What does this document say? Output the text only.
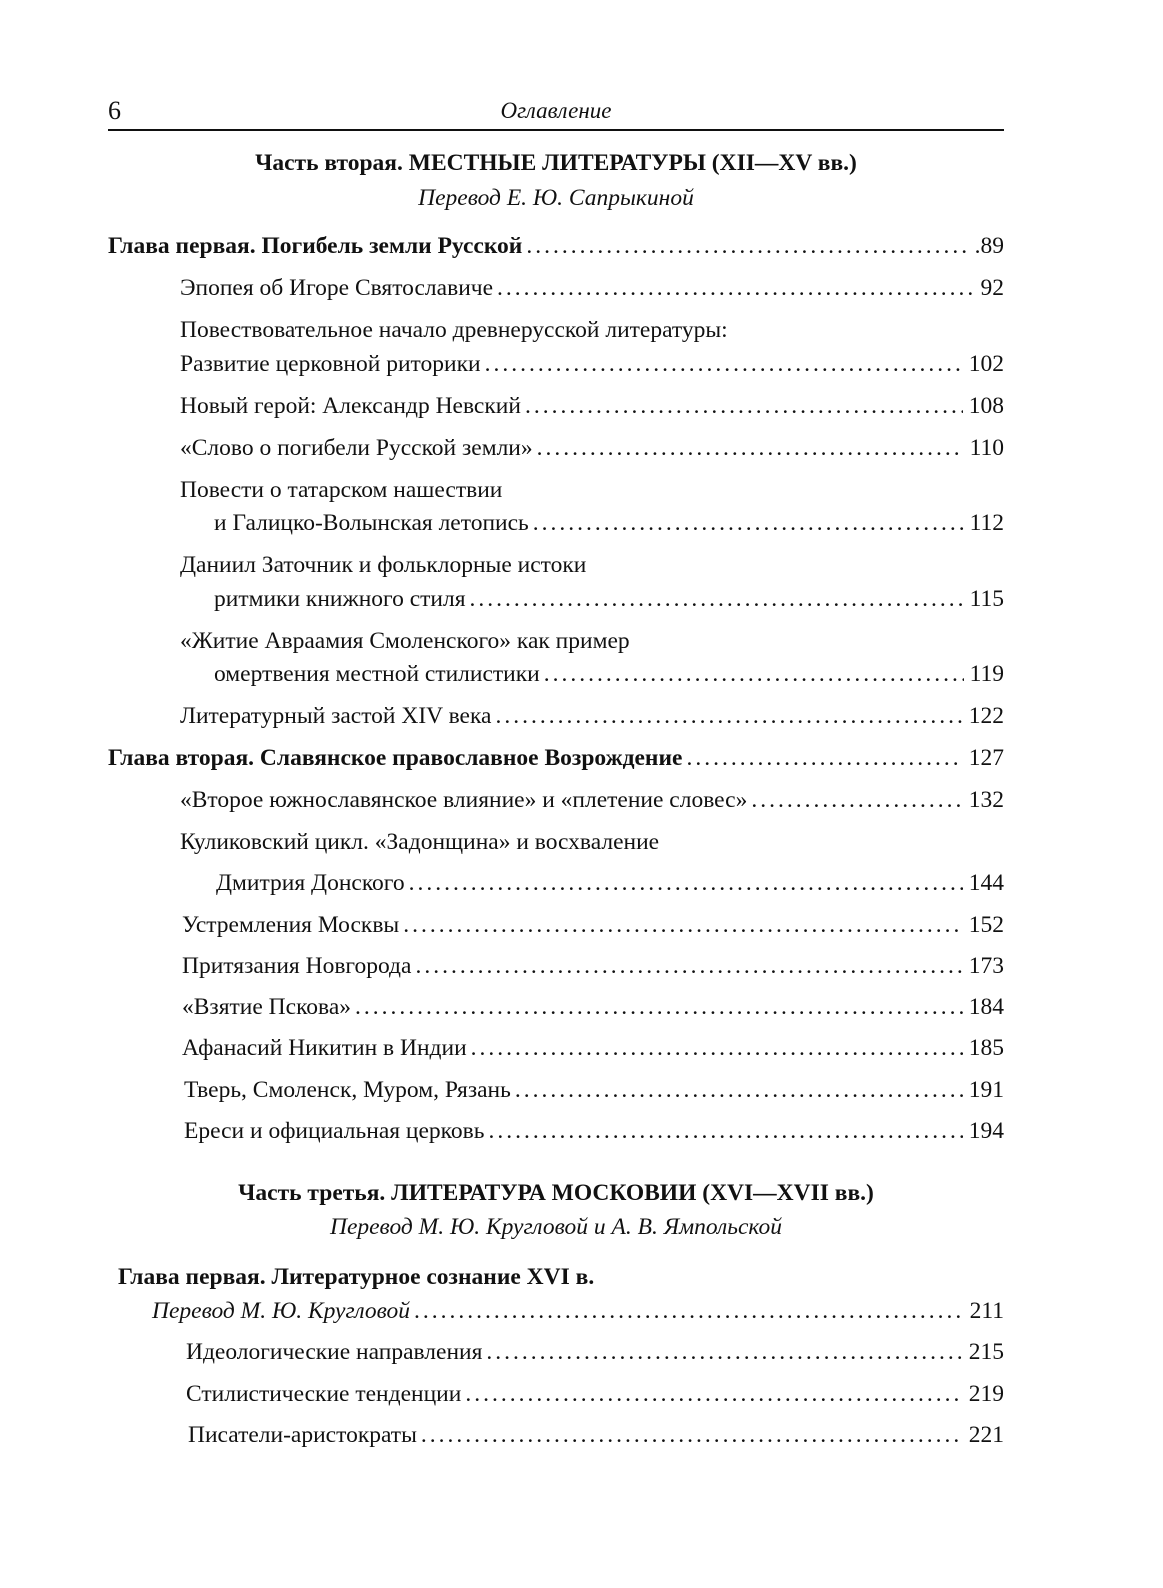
6	Оглавление
Часть вторая. МЕСТНЫЕ ЛИТЕРАТУРЫ (XII—XV вв.)
Перевод Е. Ю. Сапрыкиной
Глава первая. Погибель земли Русской .....	.89
Эпопея об Игоре Святославиче .....	92
Повествовательное начало древнерусской литературы:
Развитие церковной риторики .....	102
Новый герой: Александр Невский .....	108
«Слово о погибели Русской земли» .....	110
Повести о татарском нашествии
и Галицко-Волынская летопись .....	112
Даниил Заточник и фольклорные истоки
ритмики книжного стиля .....	115
«Житие Авраамия Смоленского» как пример
омертвения местной стилистики .....	119
Литературный застой XIV века .....	122
Глава вторая. Славянское православное Возрождение .....	127
«Второе южнославянское влияние» и «плетение словес» .....	132
Куликовский цикл. «Задонщина» и восхваление
Дмитрия Донского .....	144
Устремления Москвы .....	152
Притязания Новгорода .....	173
«Взятие Пскова» .....	184
Афанасий Никитин в Индии .....	185
Тверь, Смоленск, Муром, Рязань .....	191
Ереси и официальная церковь .....	194
Часть третья. ЛИТЕРАТУРА МОСКОВИИ (XVI—XVII вв.)
Перевод М. Ю. Кругловой и А. В. Ямпольской
Глава первая. Литературное сознание XVI в.
Перевод М. Ю. Кругловой .....	211
Идеологические направления .....	215
Стилистические тенденции .....	219
Писатели-аристократы .....	221
